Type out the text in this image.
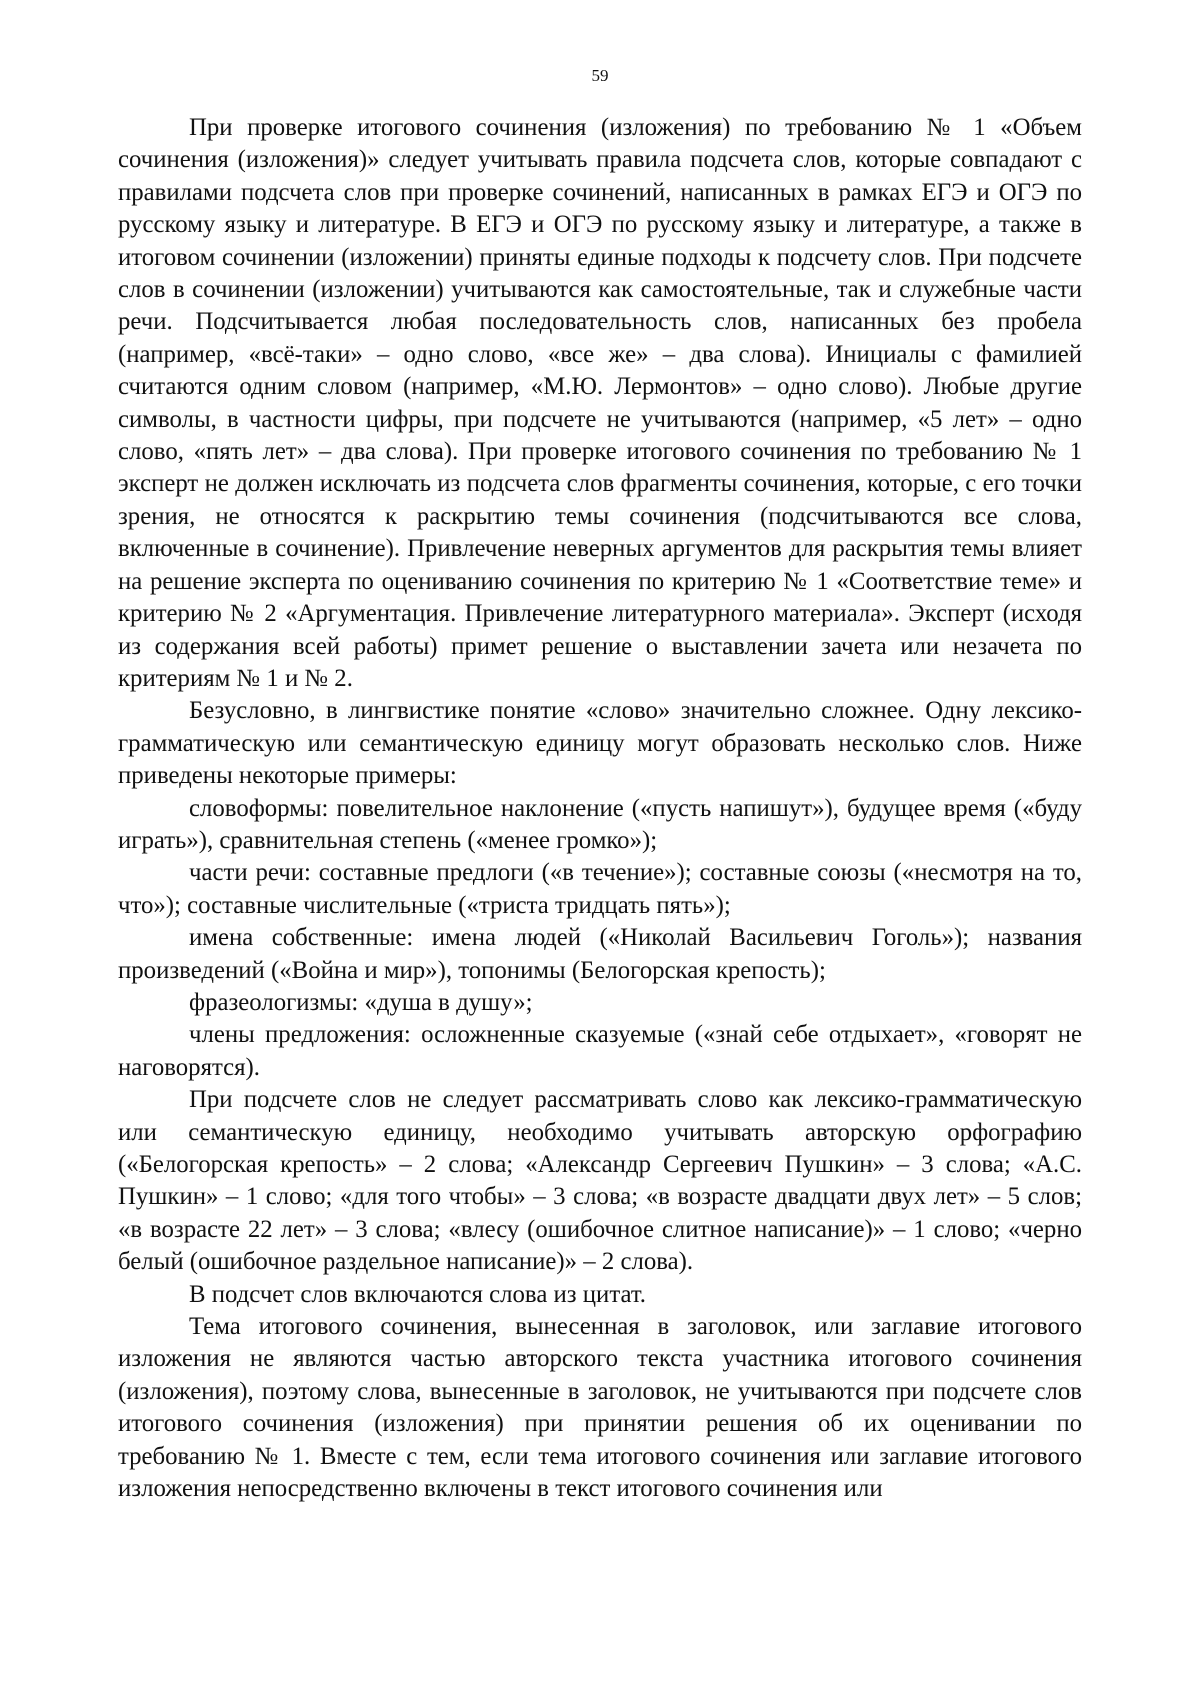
59

При проверке итогового сочинения (изложения) по требованию № 1 «Объем сочинения (изложения)» следует учитывать правила подсчета слов, которые совпадают с правилами подсчета слов при проверке сочинений, написанных в рамках ЕГЭ и ОГЭ по русскому языку и литературе. В ЕГЭ и ОГЭ по русскому языку и литературе, а также в итоговом сочинении (изложении) приняты единые подходы к подсчету слов. При подсчете слов в сочинении (изложении) учитываются как самостоятельные, так и служебные части речи. Подсчитывается любая последовательность слов, написанных без пробела (например, «всё-таки» – одно слово, «все же» – два слова). Инициалы с фамилией считаются одним словом (например, «М.Ю. Лермонтов» – одно слово). Любые другие символы, в частности цифры, при подсчете не учитываются (например, «5 лет» – одно слово, «пять лет» – два слова). При проверке итогового сочинения по требованию № 1 эксперт не должен исключать из подсчета слов фрагменты сочинения, которые, с его точки зрения, не относятся к раскрытию темы сочинения (подсчитываются все слова, включенные в сочинение). Привлечение неверных аргументов для раскрытия темы влияет на решение эксперта по оцениванию сочинения по критерию № 1 «Соответствие теме» и критерию № 2 «Аргументация. Привлечение литературного материала». Эксперт (исходя из содержания всей работы) примет решение о выставлении зачета или незачета по критериям № 1 и № 2.

Безусловно, в лингвистике понятие «слово» значительно сложнее. Одну лексико-грамматическую или семантическую единицу могут образовать несколько слов. Ниже приведены некоторые примеры:

словоформы: повелительное наклонение («пусть напишут»), будущее время («буду играть»), сравнительная степень («менее громко»);

части речи: составные предлоги («в течение»); составные союзы («несмотря на то, что»); составные числительные («триста тридцать пять»);

имена собственные: имена людей («Николай Васильевич Гоголь»); названия произведений («Война и мир»), топонимы (Белогорская крепость);

фразеологизмы: «душа в душу»;

члены предложения: осложненные сказуемые («знай себе отдыхает», «говорят не наговорятся).

При подсчете слов не следует рассматривать слово как лексико-грамматическую или семантическую единицу, необходимо учитывать авторскую орфографию («Белогорская крепость» – 2 слова; «Александр Сергеевич Пушкин» – 3 слова; «А.С. Пушкин» – 1 слово; «для того чтобы» – 3 слова; «в возрасте двадцати двух лет» – 5 слов; «в возрасте 22 лет» – 3 слова; «влесу (ошибочное слитное написание)» – 1 слово; «черно белый (ошибочное раздельное написание)» – 2 слова).

В подсчет слов включаются слова из цитат.

Тема итогового сочинения, вынесенная в заголовок, или заглавие итогового изложения не являются частью авторского текста участника итогового сочинения (изложения), поэтому слова, вынесенные в заголовок, не учитываются при подсчете слов итогового сочинения (изложения) при принятии решения об их оценивании по требованию № 1. Вместе с тем, если тема итогового сочинения или заглавие итогового изложения непосредственно включены в текст итогового сочинения или
